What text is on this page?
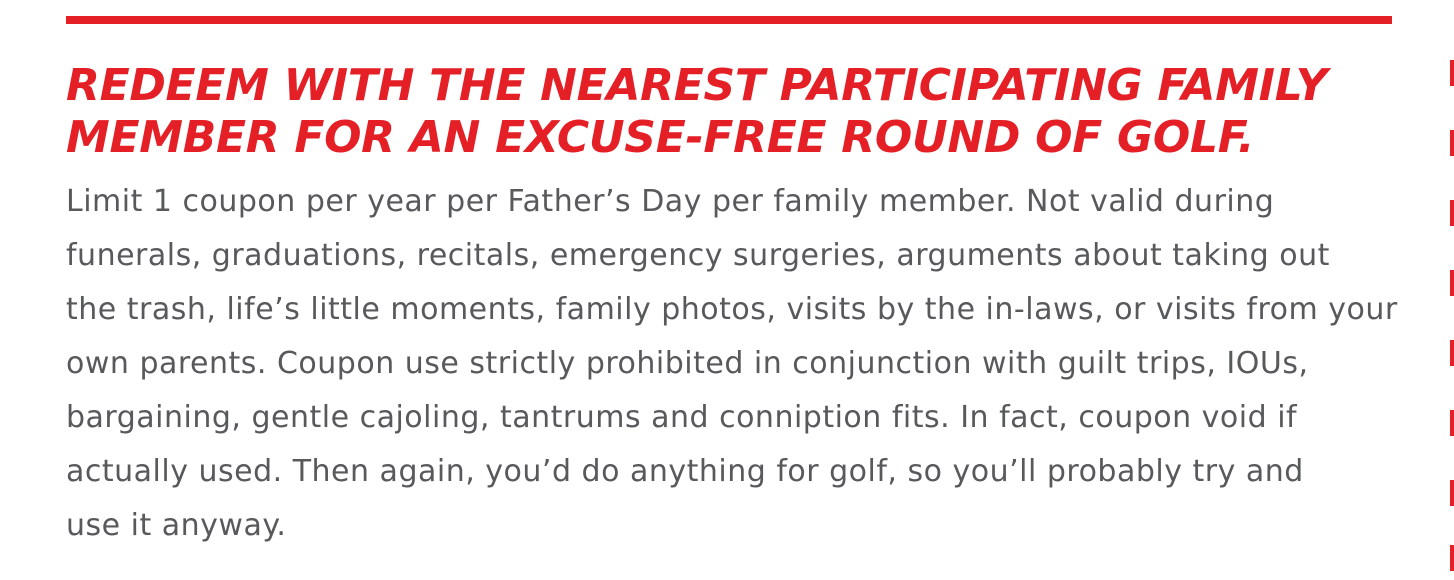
REDEEM WITH THE NEAREST PARTICIPATING FAMILY
MEMBER FOR AN EXCUSE-FREE ROUND OF GOLF.

Limit 1 coupon per year per Father’s Day per family member. Not valid during
funerals, graduations, recitals, emergency surgeries, arguments about taking out
the trash, life’s little moments, family photos, visits by the in-laws, or visits from your
own parents. Coupon use strictly prohibited in conjunction with guilt trips, IOUs,
bargaining, gentle cajoling, tantrums and conniption fits. In fact, coupon void if
actually used. Then again, you’d do anything for golf, so you’ll probably try and
use it anyway.
